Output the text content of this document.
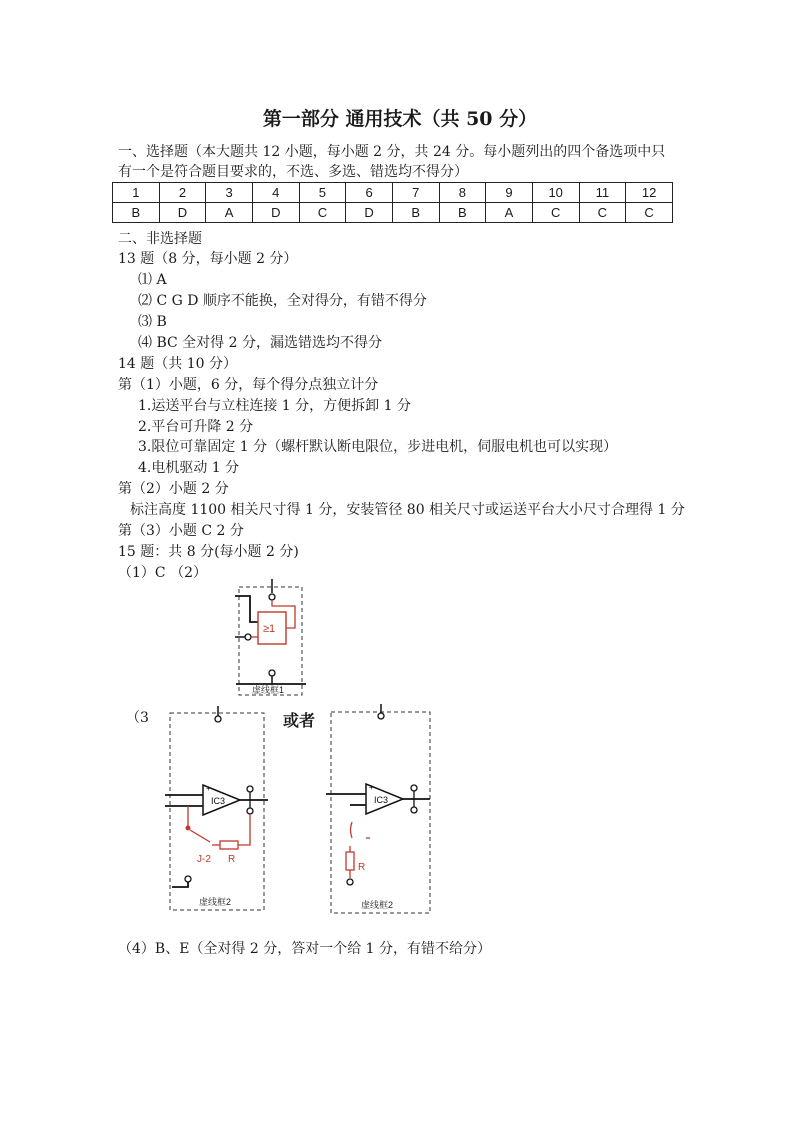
第一部分 通用技术（共 50 分）
一、选择题（本大题共 12 小题，每小题 2 分，共 24 分。每小题列出的四个备选项中只
有一个是符合题目要求的，不选、多选、错选均不得分）
1	2	3	4	5	6	7	8	9	10	11	12
B	D	A	D	C	D	B	B	A	C	C	C
二、非选择题
13 题（8 分，每小题 2 分）
⑴ A
⑵ C G D 顺序不能换，全对得分，有错不得分
⑶ B
⑷ BC 全对得 2 分，漏选错选均不得分
14 题（共 10 分）
第（1）小题，6 分，每个得分点独立计分
1.运送平台与立柱连接 1 分，方便拆卸 1 分
2.平台可升降 2 分
3.限位可靠固定 1 分（螺杆默认断电限位，步进电机，伺服电机也可以实现）
4.电机驱动 1 分
第（2）小题 2 分
标注高度 1100 相关尺寸得 1 分，安装管径 80 相关尺寸或运送平台大小尺寸合理得 1 分
第（3）小题 C 2 分
15 题：共 8 分(每小题 2 分)
（1）C （2）
（3	或者
（4）B、E（全对得 2 分，答对一个给 1 分，有错不给分）
≥1
虚线框1
+
IC3
J-2 R
虚线框2
+
IC3
R
虚线框2
